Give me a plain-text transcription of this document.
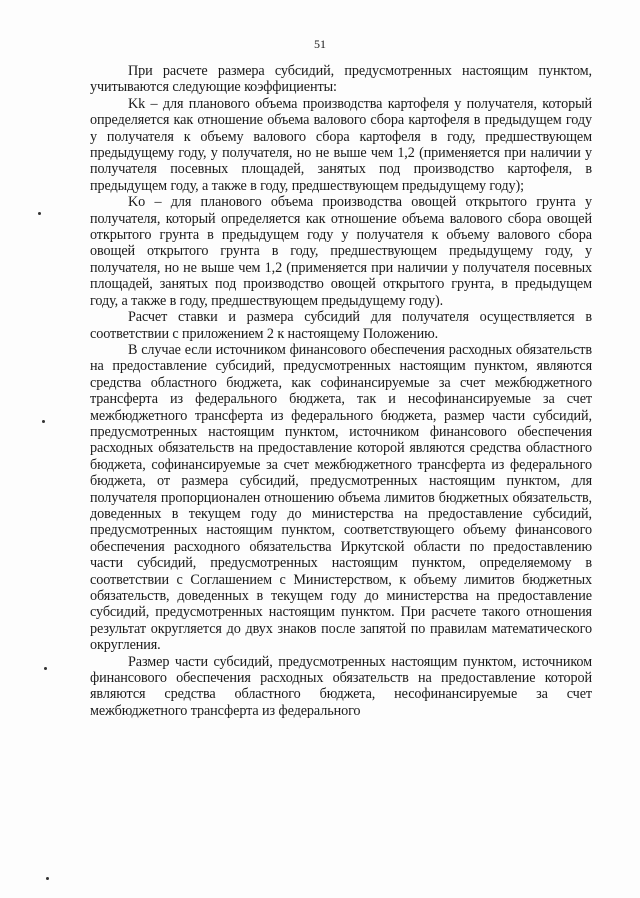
51

При расчете размера субсидий, предусмотренных настоящим пунктом, учитываются следующие коэффициенты:

Kk – для планового объема производства картофеля у получателя, который определяется как отношение объема валового сбора картофеля в предыдущем году у получателя к объему валового сбора картофеля в году, предшествующем предыдущему году, у получателя, но не выше чем 1,2 (применяется при наличии у получателя посевных площадей, занятых под производство картофеля, в предыдущем году, а также в году, предшествующем предыдущему году);

Ko – для планового объема производства овощей открытого грунта у получателя, который определяется как отношение объема валового сбора овощей открытого грунта в предыдущем году у получателя к объему валового сбора овощей открытого грунта в году, предшествующем предыдущему году, у получателя, но не выше чем 1,2 (применяется при наличии у получателя посевных площадей, занятых под производство овощей открытого грунта, в предыдущем году, а также в году, предшествующем предыдущему году).

Расчет ставки и размера субсидий для получателя осуществляется в соответствии с приложением 2 к настоящему Положению.

В случае если источником финансового обеспечения расходных обязательств на предоставление субсидий, предусмотренных настоящим пунктом, являются средства областного бюджета, как софинансируемые за счет межбюджетного трансферта из федерального бюджета, так и несофинансируемые за счет межбюджетного трансферта из федерального бюджета, размер части субсидий, предусмотренных настоящим пунктом, источником финансового обеспечения расходных обязательств на предоставление которой являются средства областного бюджета, софинансируемые за счет межбюджетного трансферта из федерального бюджета, от размера субсидий, предусмотренных настоящим пунктом, для получателя пропорционален отношению объема лимитов бюджетных обязательств, доведенных в текущем году до министерства на предоставление субсидий, предусмотренных настоящим пунктом, соответствующего объему финансового обеспечения расходного обязательства Иркутской области по предоставлению части субсидий, предусмотренных настоящим пунктом, определяемому в соответствии с Соглашением с Министерством, к объему лимитов бюджетных обязательств, доведенных в текущем году до министерства на предоставление субсидий, предусмотренных настоящим пунктом. При расчете такого отношения результат округляется до двух знаков после запятой по правилам математического округления.

Размер части субсидий, предусмотренных настоящим пунктом, источником финансового обеспечения расходных обязательств на предоставление которой являются средства областного бюджета, несофинансируемые за счет межбюджетного трансферта из федерального
